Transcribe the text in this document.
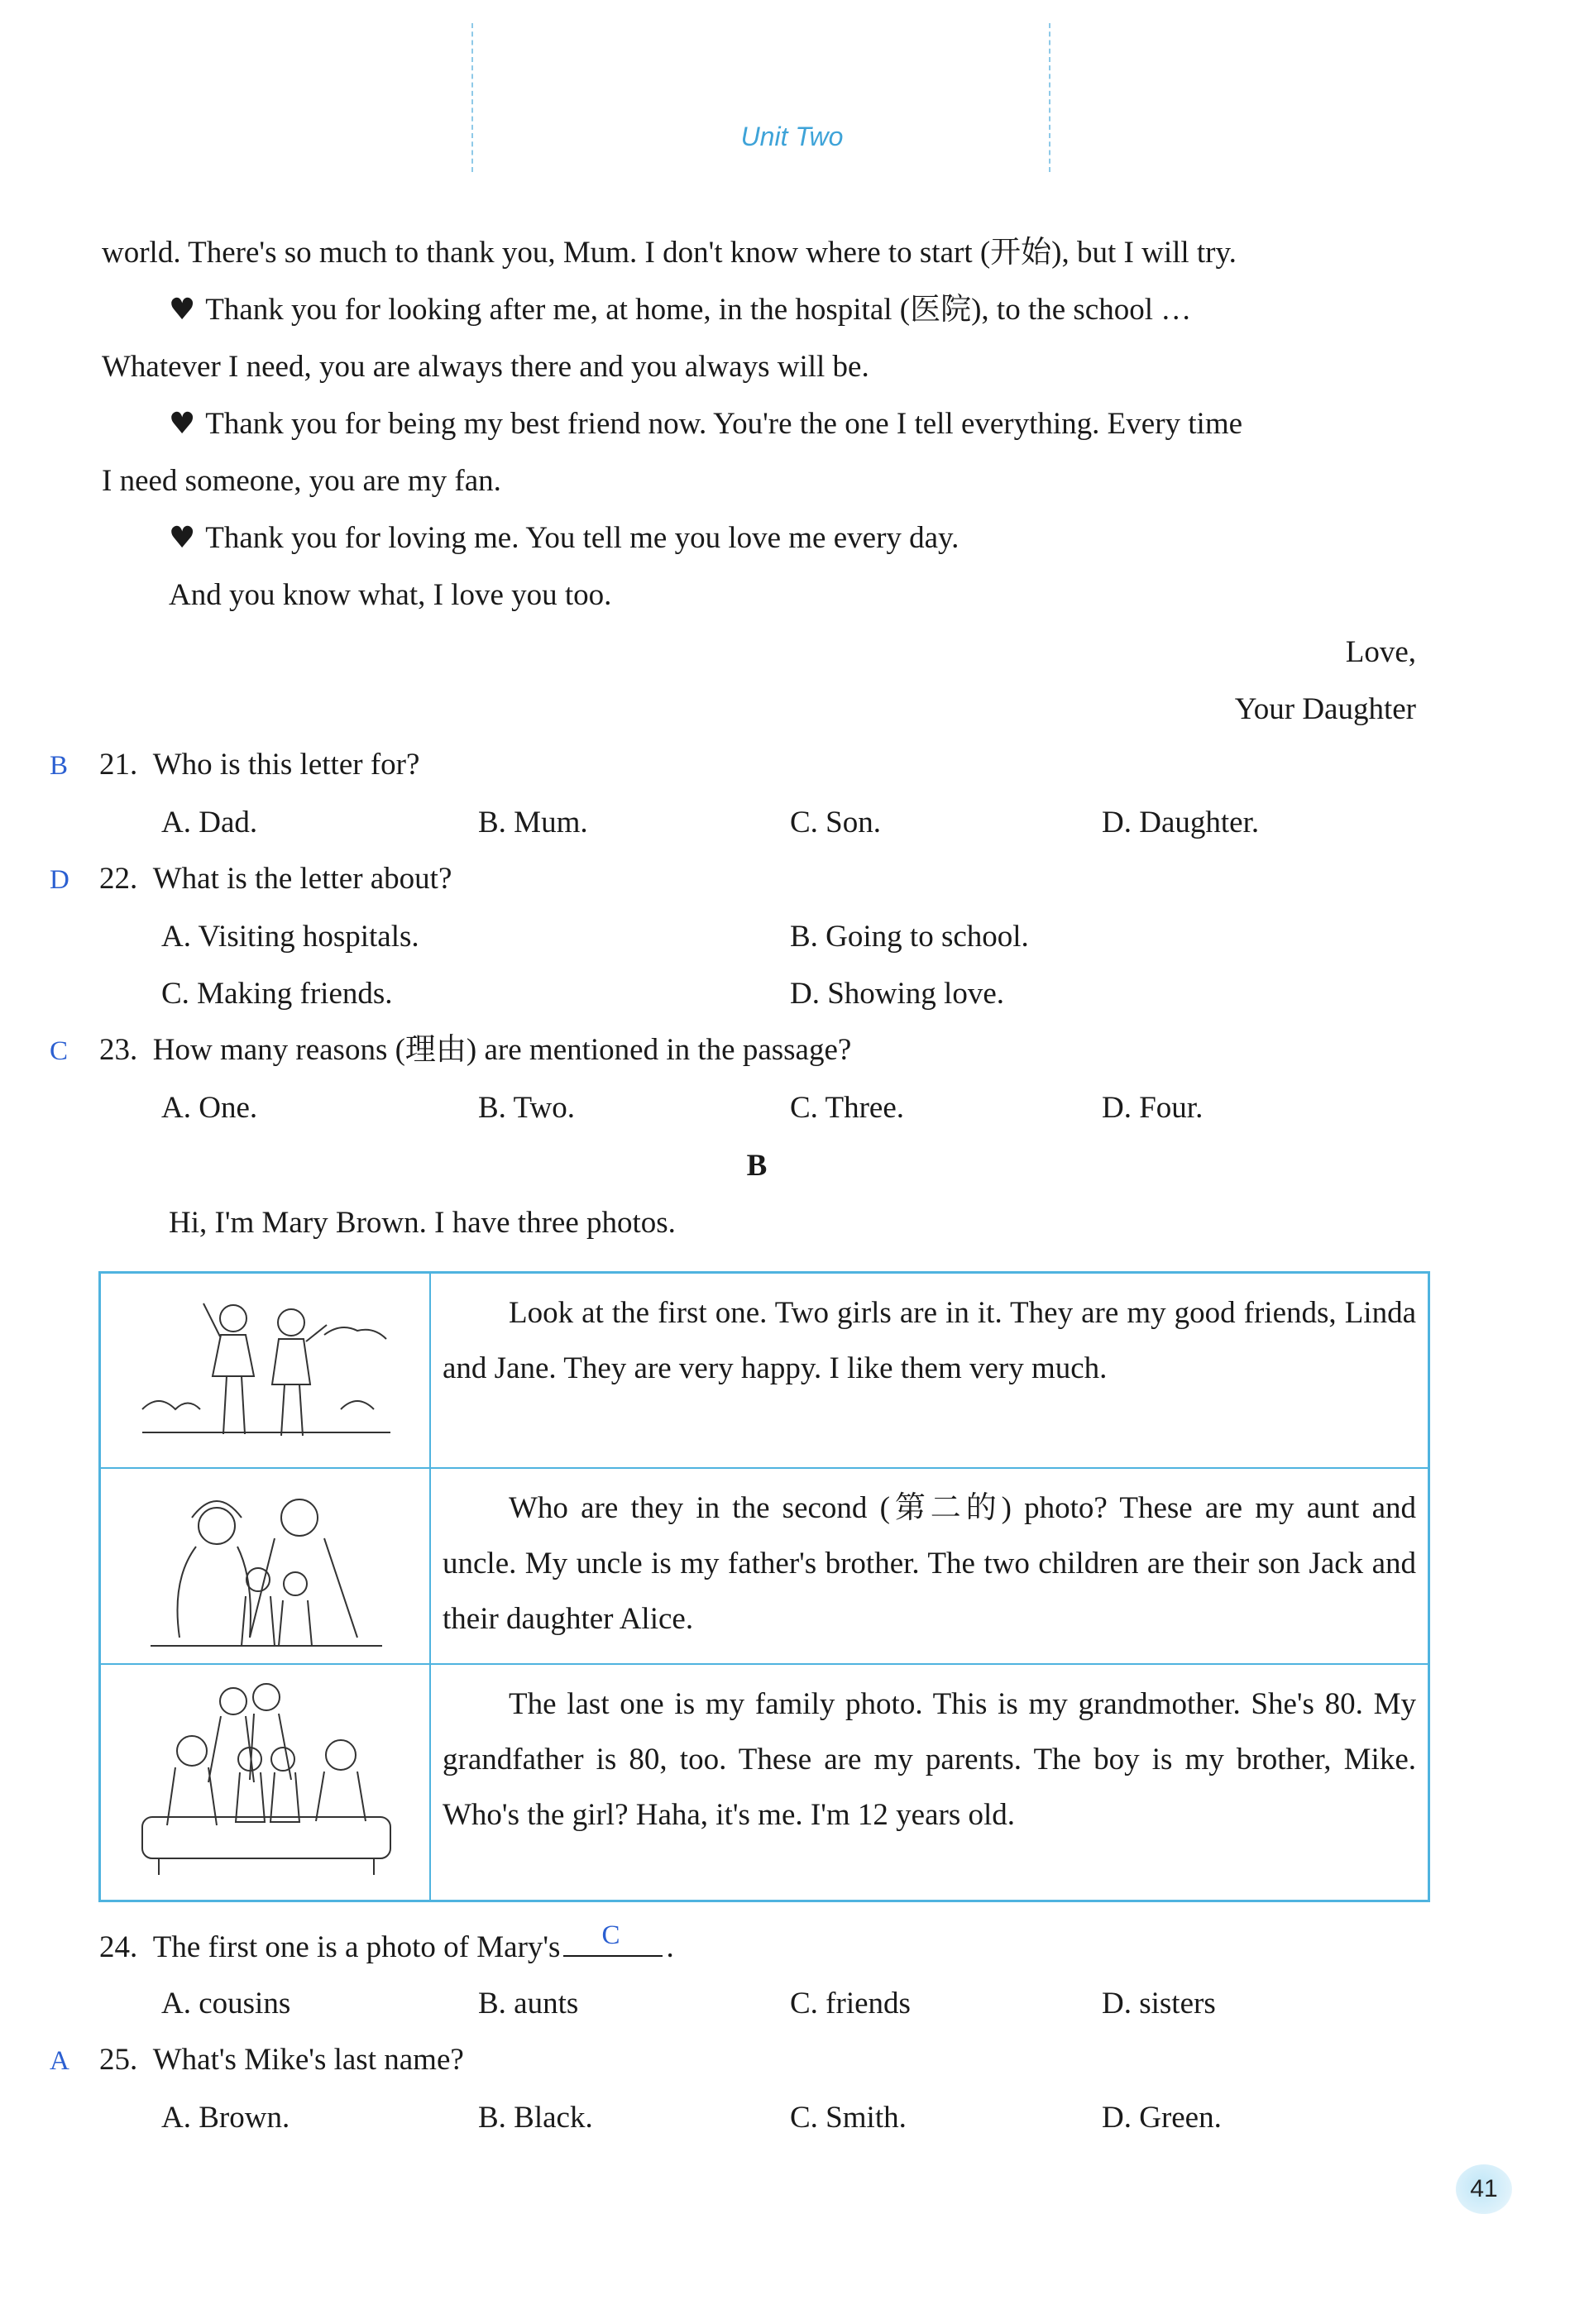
Unit Two
world. There's so much to thank you, Mum. I don't know where to start (开始), but I will try.
♥ Thank you for looking after me, at home, in the hospital (医院), to the school …
Whatever I need, you are always there and you always will be.
♥ Thank you for being my best friend now. You're the one I tell everything. Every time
I need someone, you are my fan.
♥ Thank you for loving me. You tell me you love me every day.
And you know what, I love you too.
Love,
Your Daughter
B 21. Who is this letter for?
A. Dad.	B. Mum.	C. Son.	D. Daughter.
D 22. What is the letter about?
A. Visiting hospitals.	B. Going to school.
C. Making friends.	D. Showing love.
C 23. How many reasons (理由) are mentioned in the passage?
A. One.	B. Two.	C. Three.	D. Four.
B
Hi, I'm Mary Brown. I have three photos.
Look at the first one. Two girls are in it. They are my good friends, Linda and Jane. They are very happy. I like them very much.
Who are they in the second (第二的) photo? These are my aunt and uncle. My uncle is my father's brother. The two children are their son Jack and their daughter Alice.
The last one is my family photo. This is my grandmother. She's 80. My grandfather is 80, too. These are my parents. The boy is my brother, Mike. Who's the girl? Haha, it's me. I'm 12 years old.
24. The first one is a photo of Mary's C .
A. cousins	B. aunts	C. friends	D. sisters
A 25. What's Mike's last name?
A. Brown.	B. Black.	C. Smith.	D. Green.
41
